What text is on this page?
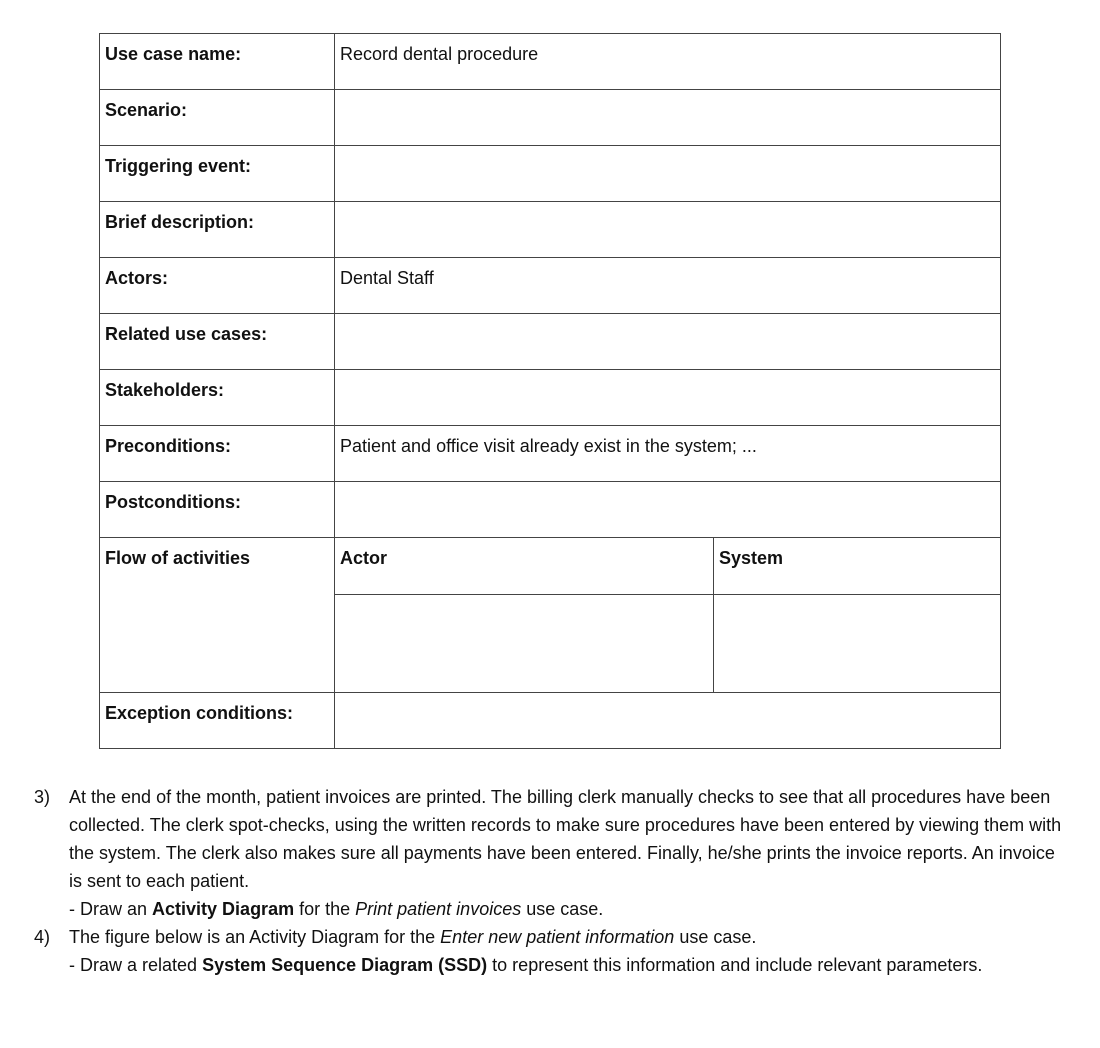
Use case name:	Record dental procedure	
Scenario:		
Triggering event:		
Brief description:		
Actors:	Dental Staff	
Related use cases:		
Stakeholders:		
Preconditions:	Patient and office visit already exist in the system; ...	
Postconditions:		
Flow of activities	Actor	System

Exception conditions:		
3)	At the end of the month, patient invoices are printed. The billing clerk manually checks to see that all procedures have been collected. The clerk spot-checks, using the written records to make sure procedures have been entered by viewing them with the system. The clerk also makes sure all payments have been entered. Finally, he/she prints the invoice reports. An invoice is sent to each patient.
- Draw an Activity Diagram for the Print patient invoices use case.
4)	The figure below is an Activity Diagram for the Enter new patient information use case.
- Draw a related System Sequence Diagram (SSD) to represent this information and include relevant parameters.
